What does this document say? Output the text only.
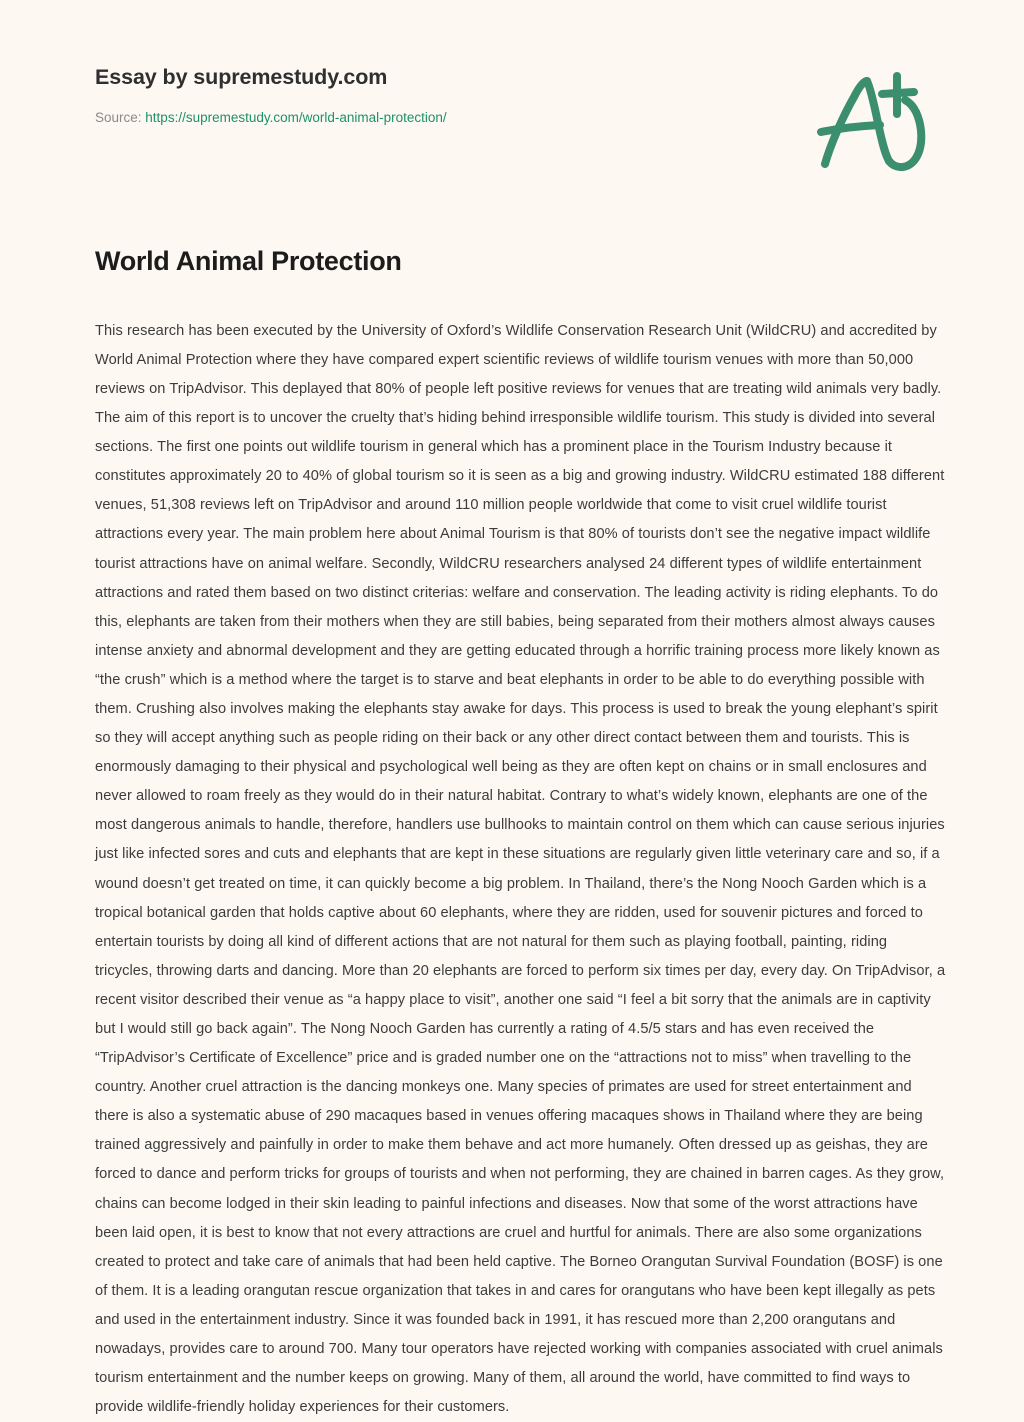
Essay by supremestudy.com
Source: https://supremestudy.com/world-animal-protection/
World Animal Protection

This research has been executed by the University of Oxford’s Wildlife Conservation Research Unit (WildCRU) and accredited by World Animal Protection where they have compared expert scientific reviews of wildlife tourism venues with more than 50,000 reviews on TripAdvisor. This deplayed that 80% of people left positive reviews for venues that are treating wild animals very badly. The aim of this report is to uncover the cruelty that’s hiding behind irresponsible wildlife tourism. This study is divided into several sections. The first one points out wildlife tourism in general which has a prominent place in the Tourism Industry because it constitutes approximately 20 to 40% of global tourism so it is seen as a big and growing industry. WildCRU estimated 188 different venues, 51,308 reviews left on TripAdvisor and around 110 million people worldwide that come to visit cruel wildlife tourist attractions every year. The main problem here about Animal Tourism is that 80% of tourists don’t see the negative impact wildlife tourist attractions have on animal welfare. Secondly, WildCRU researchers analysed 24 different types of wildlife entertainment attractions and rated them based on two distinct criterias: welfare and conservation. The leading activity is riding elephants. To do this, elephants are taken from their mothers when they are still babies, being separated from their mothers almost always causes intense anxiety and abnormal development and they are getting educated through a horrific training process more likely known as “the crush” which is a method where the target is to starve and beat elephants in order to be able to do everything possible with them. Crushing also involves making the elephants stay awake for days. This process is used to break the young elephant’s spirit so they will accept anything such as people riding on their back or any other direct contact between them and tourists. This is enormously damaging to their physical and psychological well being as they are often kept on chains or in small enclosures and never allowed to roam freely as they would do in their natural habitat. Contrary to what’s widely known, elephants are one of the most dangerous animals to handle, therefore, handlers use bullhooks to maintain control on them which can cause serious injuries just like infected sores and cuts and elephants that are kept in these situations are regularly given little veterinary care and so, if a wound doesn’t get treated on time, it can quickly become a big problem. In Thailand, there’s the Nong Nooch Garden which is a tropical botanical garden that holds captive about 60 elephants, where they are ridden, used for souvenir pictures and forced to entertain tourists by doing all kind of different actions that are not natural for them such as playing football, painting, riding tricycles, throwing darts and dancing. More than 20 elephants are forced to perform six times per day, every day. On TripAdvisor, a recent visitor described their venue as “a happy place to visit”, another one said “I feel a bit sorry that the animals are in captivity but I would still go back again”. The Nong Nooch Garden has currently a rating of 4.5/5 stars and has even received the “TripAdvisor’s Certificate of Excellence” price and is graded number one on the “attractions not to miss” when travelling to the country. Another cruel attraction is the dancing monkeys one. Many species of primates are used for street entertainment and there is also a systematic abuse of 290 macaques based in venues offering macaques shows in Thailand where they are being trained aggressively and painfully in order to make them behave and act more humanely. Often dressed up as geishas, they are forced to dance and perform tricks for groups of tourists and when not performing, they are chained in barren cages. As they grow, chains can become lodged in their skin leading to painful infections and diseases. Now that some of the worst attractions have been laid open, it is best to know that not every attractions are cruel and hurtful for animals. There are also some organizations created to protect and take care of animals that had been held captive. The Borneo Orangutan Survival Foundation (BOSF) is one of them. It is a leading orangutan rescue organization that takes in and cares for orangutans who have been kept illegally as pets and used in the entertainment industry. Since it was founded back in 1991, it has rescued more than 2,200 orangutans and nowadays, provides care to around 700. Many tour operators have rejected working with companies associated with cruel animals tourism entertainment and the number keeps on growing. Many of them, all around the world, have committed to find ways to provide wildlife-friendly holiday experiences for their customers.
